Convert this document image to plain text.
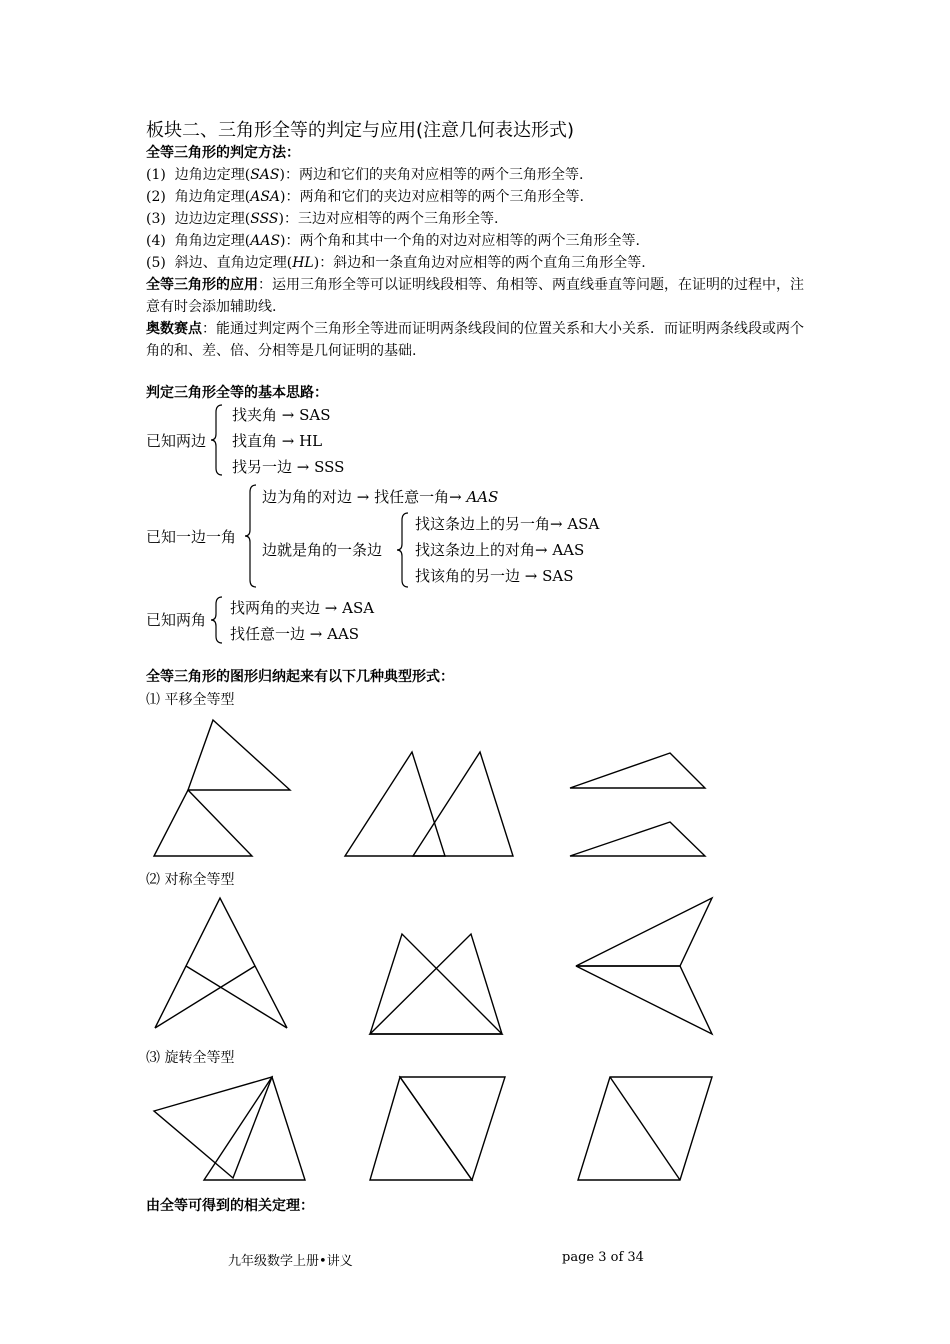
板块二、三角形全等的判定与应用(注意几何表达形式)
全等三角形的判定方法：
(1) 边角边定理(SAS)：两边和它们的夹角对应相等的两个三角形全等.
(2) 角边角定理(ASA)：两角和它们的夹边对应相等的两个三角形全等.
(3) 边边边定理(SSS)：三边对应相等的两个三角形全等.
(4) 角角边定理(AAS)：两个角和其中一个角的对边对应相等的两个三角形全等.
(5) 斜边、直角边定理(HL)：斜边和一条直角边对应相等的两个直角三角形全等.
全等三角形的应用：运用三角形全等可以证明线段相等、角相等、两直线垂直等问题，在证明的过程中，注意有时会添加辅助线.
奥数赛点：能通过判定两个三角形全等进而证明两条线段间的位置关系和大小关系．而证明两条线段或两个角的和、差、倍、分相等是几何证明的基础.
判定三角形全等的基本思路：
已知两边
找夹角 → SAS
找直角 → HL
找另一边 → SSS
已知一边一角
边为角的对边 → 找任意一角→ AAS
边就是角的一条边
找这条边上的另一角→ ASA
找这条边上的对角→ AAS
找该角的另一边 → SAS
已知两角
找两角的夹边 → ASA
找任意一边 → AAS
全等三角形的图形归纳起来有以下几种典型形式：
⑴ 平移全等型
⑵ 对称全等型
⑶ 旋转全等型
由全等可得到的相关定理：
九年级数学上册•讲义	page 3 of 34
